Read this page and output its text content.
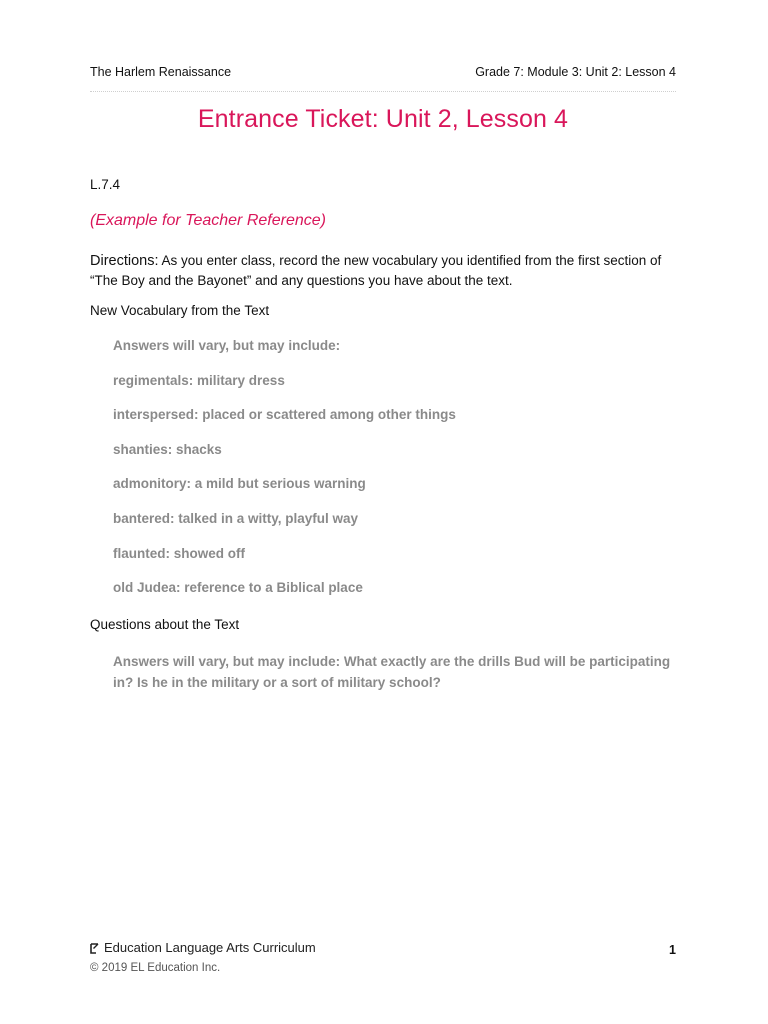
The Harlem Renaissance	Grade 7: Module 3: Unit 2: Lesson 4
Entrance Ticket: Unit 2, Lesson 4
L.7.4
(Example for Teacher Reference)
Directions: As you enter class, record the new vocabulary you identified from the first section of “The Boy and the Bayonet” and any questions you have about the text.
New Vocabulary from the Text
Answers will vary, but may include:
regimentals: military dress
interspersed: placed or scattered among other things
shanties: shacks
admonitory: a mild but serious warning
bantered: talked in a witty, playful way
flaunted: showed off
old Judea: reference to a Biblical place
Questions about the Text
Answers will vary, but may include: What exactly are the drills Bud will be participating in? Is he in the military or a sort of military school?
Education Language Arts Curriculum
© 2019 EL Education Inc.
1
